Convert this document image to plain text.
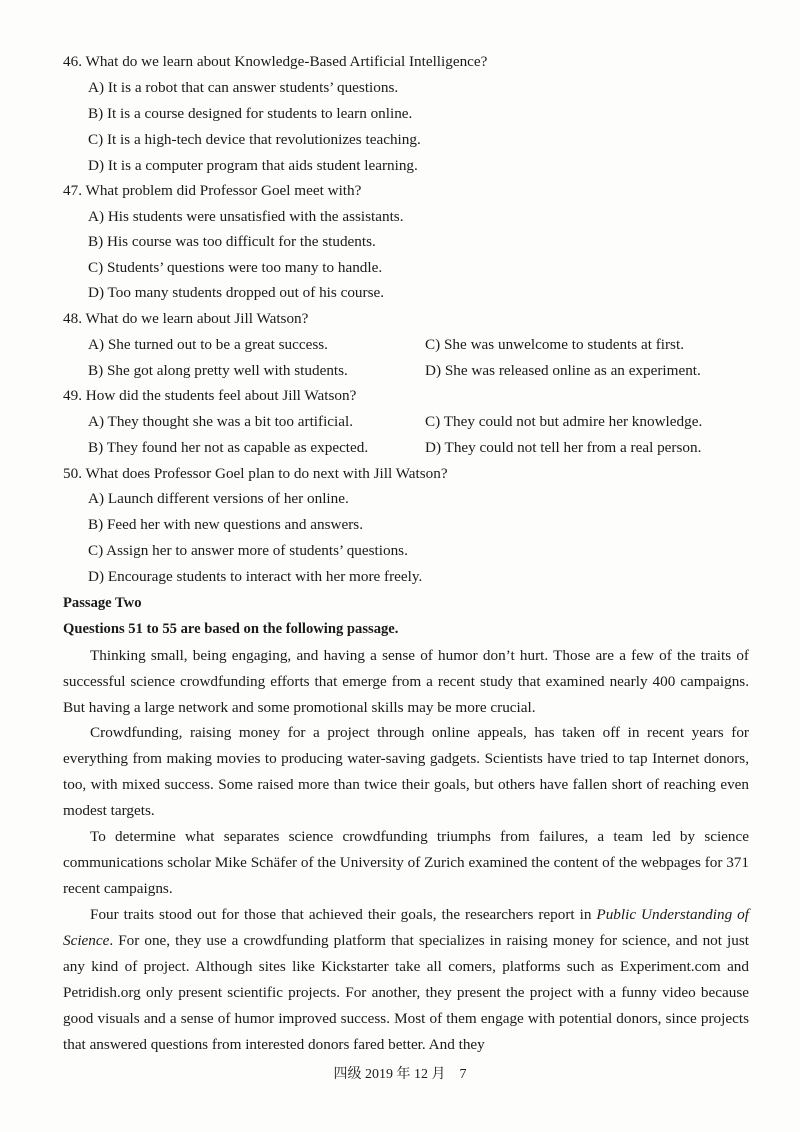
46. What do we learn about Knowledge-Based Artificial Intelligence?
A) It is a robot that can answer students’ questions.
B) It is a course designed for students to learn online.
C) It is a high-tech device that revolutionizes teaching.
D) It is a computer program that aids student learning.
47. What problem did Professor Goel meet with?
A) His students were unsatisfied with the assistants.
B) His course was too difficult for the students.
C) Students’ questions were too many to handle.
D) Too many students dropped out of his course.
48. What do we learn about Jill Watson?
A) She turned out to be a great success.	C) She was unwelcome to students at first.
B) She got along pretty well with students.	D) She was released online as an experiment.
49. How did the students feel about Jill Watson?
A) They thought she was a bit too artificial.	C) They could not but admire her knowledge.
B) They found her not as capable as expected.	D) They could not tell her from a real person.
50. What does Professor Goel plan to do next with Jill Watson?
A) Launch different versions of her online.
B) Feed her with new questions and answers.
C) Assign her to answer more of students’ questions.
D) Encourage students to interact with her more freely.
Passage Two
Questions 51 to 55 are based on the following passage.
Thinking small, being engaging, and having a sense of humor don’t hurt. Those are a few of the traits of successful science crowdfunding efforts that emerge from a recent study that examined nearly 400 campaigns. But having a large network and some promotional skills may be more crucial.
Crowdfunding, raising money for a project through online appeals, has taken off in recent years for everything from making movies to producing water-saving gadgets. Scientists have tried to tap Internet donors, too, with mixed success. Some raised more than twice their goals, but others have fallen short of reaching even modest targets.
To determine what separates science crowdfunding triumphs from failures, a team led by science communications scholar Mike Schäfer of the University of Zurich examined the content of the webpages for 371 recent campaigns.
Four traits stood out for those that achieved their goals, the researchers report in Public Understanding of Science. For one, they use a crowdfunding platform that specializes in raising money for science, and not just any kind of project. Although sites like Kickstarter take all comers, platforms such as Experiment.com and Petridish.org only present scientific projects. For another, they present the project with a funny video because good visuals and a sense of humor improved success. Most of them engage with potential donors, since projects that answered questions from interested donors fared better. And they
四级 2019 年 12 月　7
